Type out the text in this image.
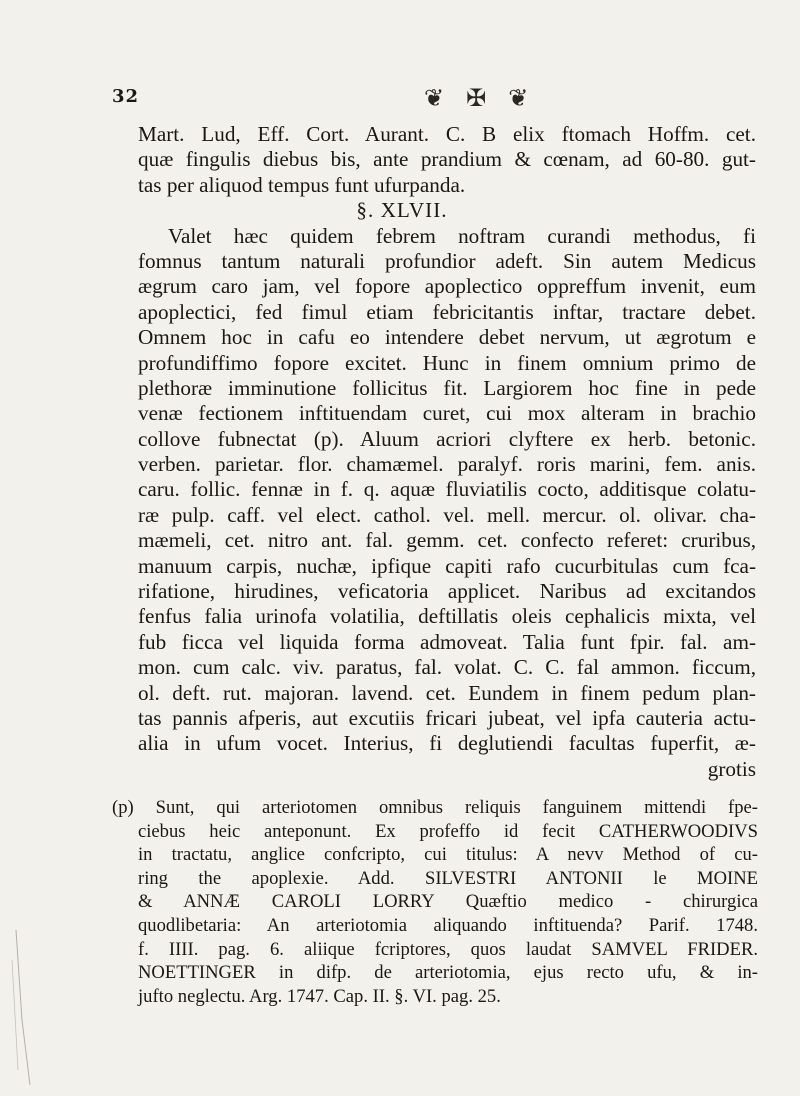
32	❦ ✠ ❦
Mart. Lud, Eff. Cort. Aurant. C. B elix ftomach Hoffm. cet.
quæ fingulis diebus bis, ante prandium & cœnam, ad 60-80. gut-
tas per aliquod tempus funt ufurpanda.
§. XLVII.
Valet hæc quidem febrem noftram curandi methodus, fi
fomnus tantum naturali profundior adeft. Sin autem Medicus
ægrum caro jam, vel fopore apoplectico oppreffum invenit, eum
apoplectici, fed fimul etiam febricitantis inftar, tractare debet.
Omnem hoc in cafu eo intendere debet nervum, ut ægrotum e
profundiffimo fopore excitet. Hunc in finem omnium primo de
plethoræ imminutione follicitus fit. Largiorem hoc fine in pede
venæ fectionem inftituendam curet, cui mox alteram in brachio
collove fubnectat (p). Aluum acriori clyftere ex herb. betonic.
verben. parietar. flor. chamæmel. paralyf. roris marini, fem. anis.
caru. follic. fennæ in f. q. aquæ fluviatilis cocto, additisque colatu-
ræ pulp. caff. vel elect. cathol. vel. mell. mercur. ol. olivar. cha-
mæmeli, cet. nitro ant. fal. gemm. cet. confecto referet: cruribus,
manuum carpis, nuchæ, ipfique capiti rafo cucurbitulas cum fca-
rifatione, hirudines, veficatoria applicet. Naribus ad excitandos
fenfus falia urinofa volatilia, deftillatis oleis cephalicis mixta, vel
fub ficca vel liquida forma admoveat. Talia funt fpir. fal. am-
mon. cum calc. viv. paratus, fal. volat. C. C. fal ammon. ficcum,
ol. deft. rut. majoran. lavend. cet. Eundem in finem pedum plan-
tas pannis afperis, aut excutiis fricari jubeat, vel ipfa cauteria actu-
alia in ufum vocet. Interius, fi deglutiendi facultas fuperfit, æ-
grotis
(p) Sunt, qui arteriotomen omnibus reliquis fanguinem mittendi fpe-
ciebus heic anteponunt. Ex profeffo id fecit CATHERWOODIVS
in tractatu, anglice confcripto, cui titulus: A nevv Method of cu-
ring the apoplexie. Add. SILVESTRI ANTONII le MOINE
& ANNÆ CAROLI LORRY Quæftio medico - chirurgica
quodlibetaria: An arteriotomia aliquando inftituenda? Parif. 1748.
f. IIII. pag. 6. aliique fcriptores, quos laudat SAMVEL FRIDER.
NOETTINGER in difp. de arteriotomia, ejus recto ufu, & in-
jufto neglectu. Arg. 1747. Cap. II. §. VI. pag. 25.
